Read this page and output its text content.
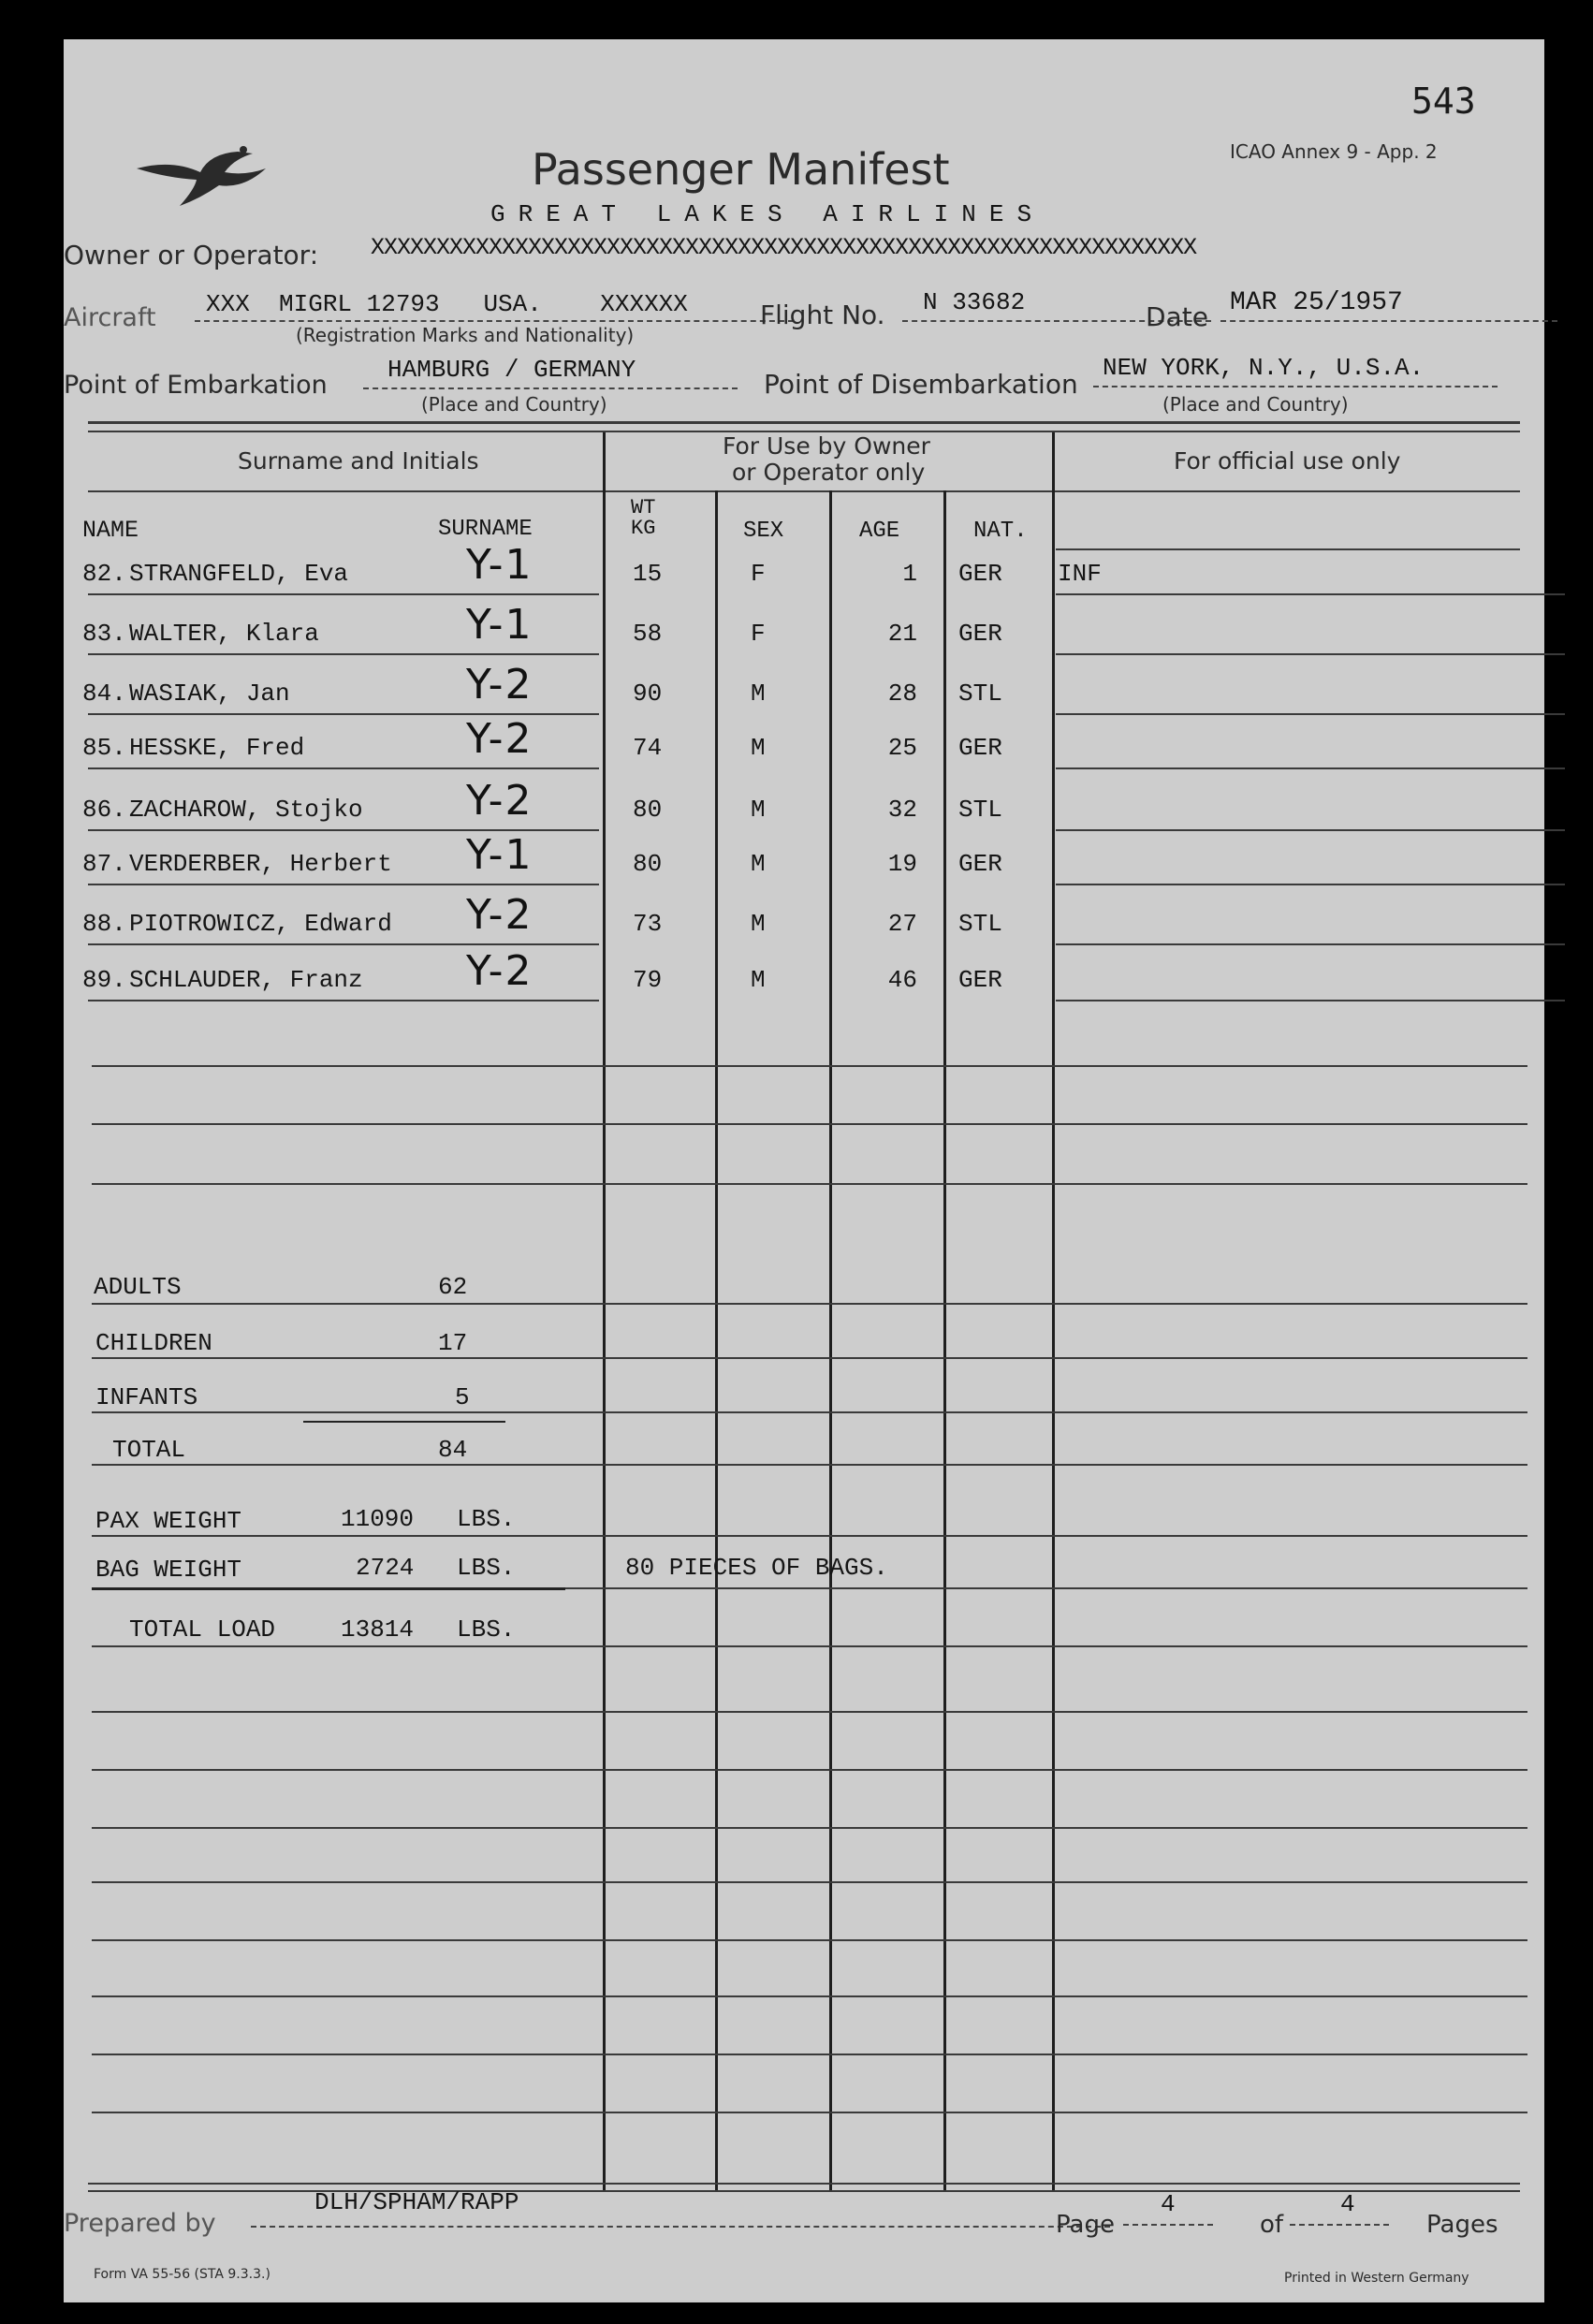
543
ICAO Annex 9 - App. 2
Passenger Manifest
GREAT LAKES AIRLINES
Owner or Operator: XXXXXXXXXXXXXXXXXXXXXXXXXXXXXXXXXXXXXXXXXXXXXXXXXXXXXXXXXXXXXXX
Aircraft XXX  MIGRL 12793   USA.    XXXXXX
(Registration Marks and Nationality)
Flight No. N 33682	Date MAR 25/1957
Point of Embarkation
HAMBURG / GERMANY
(Place and Country)
Point of Disembarkation
NEW YORK, N.Y., U.S.A.
(Place and Country)
Surname and Initials
For Use by Owner
or Operator only	For official use only
NAME	SURNAME
WT
KG	SEX	AGE	NAT.
82. STRANGFELD, Eva	Y-1	15	F	1 GER INF
83. WALTER, Klara	Y-1	58	F	21 GER
84. WASIAK, Jan	Y-2	90	M	28 STL
85. HESSKE, Fred	Y-2	74	M	25 GER
86. ZACHAROW, Stojko	Y-2	80	M	32 STL
87. VERDERBER, Herbert Y-1	80	M	19 GER
88. PIOTROWICZ, Edward Y-2	73	M	27 STL
89. SCHLAUDER, Franz	Y-2	79	M	46 GER
ADULTS	62
CHILDREN	17
INFANTS	5
TOTAL	84
PAX WEIGHT	11090 LBS.
BAG WEIGHT	2724 LBS.	80 PIECES OF BAGS.
TOTAL LOAD	13814 LBS.
Prepared by
DLH/SPHAM/RAPP
Page
4
of
4
Pages
Form VA 55-56 (STA 9.3.3.)	Printed in Western Germany
